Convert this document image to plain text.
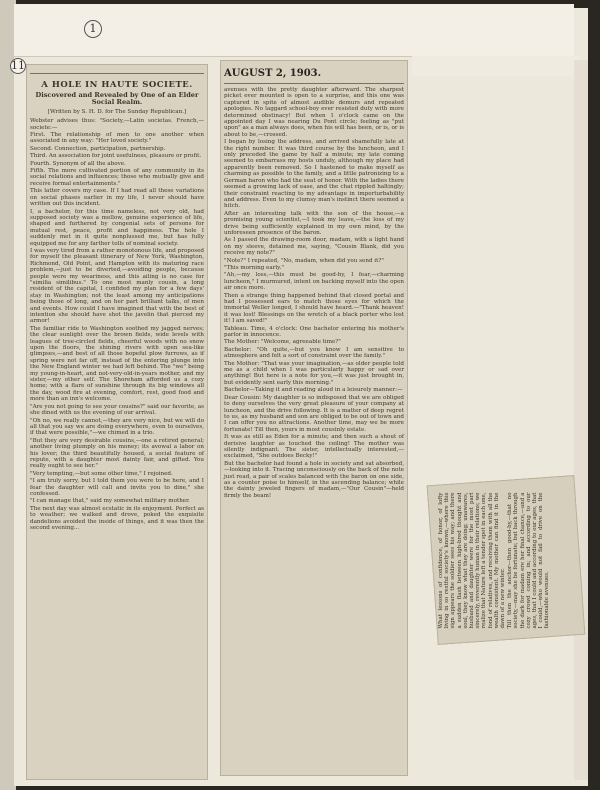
1
11
A HOLE IN HAUTE SOCIETE.
Discovered and Revealed by One of an Elder Social Realm.
[Written by S. H. D. for The Sunday Republican.]

Webster advises thus: "Society,—Latin societas. French,—societe:—

First. The relationship of men to one another when associated in any way: "Her loved society."

Second. Connection, participation, partnership.

Third. An association for joint usefulness, pleasure or profit.

Fourth. Synonym of all the above.

Fifth. The more cultivated portion of any community in its social relations and influences; those who mutually give and receive formal entertainments."

This latter covers my case. If I had read all these variations on social phases earlier in my life, I never should have written out this incident.

I, a bachelor, for this time nameless, not very old, had supposed society was a mellow, genuine experience of life, shaped and furthered by congenial sets of persons for mutual rest, peace, profit and happiness. The hole I suddenly met in it quite nonplussed me, but has fully equipped me for any farther tolls of nominal society.

I was very tired from a rather monotonous life, and proposed for myself the pleasant itinerary of New York, Washington, Richmond, Old Point, and Hampton with its maturing race problem,—just to be diverted,—avoiding people, because people were my weariness, and this ailing is no case for "similia similibus." To one most manly cousin, a long resident of the capital, I confided my plan for a few days' stay in Washington; not the least among my anticipations being those of long, and on her part brilliant talks, of men and events. How could I have imagined that with the best of intention she should have shot the javelin that pierced my armor!

The familiar ride to Washington soothed my jagged nerves; the clear sunlight over the brown fields, wide levels with leagues of tree-circled fields, cheerful woods with no snow upon the floors, the shining rivers with open sea-like glimpses,—and best of all those hopeful plow furrows, as if spring were not far off, instead of the entering plunge into the New England winter we had left behind. The "we" being my young-in-heart, and not-very-old-in-years mother, and my sister,—my other self. The Shoreham afforded us a cozy home; with a flare of sunshine through its big windows all the day, wood fire at evening, comfort, rest, good food and more than an inn's welcome.

"Are you not going to see your cousins?" said our favorite, as she dined with us the evening of our arrival.

"Oh no, we really cannot,—they are very nice, but we will do all that you say we are doing everywhere, even to ourselves, if that were possible,"—we chimed in a trio.

"But they are very desirable cousins,—one a retired general; another living plumply on his money; its avowal a labor on his lover; the third beautifully housed, a social feature of repute, with a daughter most dainty fair, and gifted. You really ought to see her."

"Very tempting,—but some other time," I rejoined.

"I am truly sorry, but I told them you were to be here, and I fear the daughter will call and invite you to dine," she confessed.

"I can manage that," said my somewhat military mother.

The next day was almost ecstatic in its enjoyment. Perfect as to weather; we walked and drove, poked the exquisite dandelions avoided the inside of things, and it was then the second evening...

AUGUST 2, 1903.

avenues with the pretty daughter afterward. The sharpest picket ever mounted is open to a surprise, and this one was captured in spite of almost audible demurs and repeated apologies. No laggard school-boy ever resisted duty with more determined obstinacy! But when 1 o'clock came on the appointed day I was nearing Du Pont circle; feeling as "put upon" as a man always does, when his will has been, or is, or is about to be,—crossed.

I began by losing the address, and arrived shamefully late at the right number. It was third course by the luncheon, and I only preceded the game by half a minute; my late coming seemed to embarrass my hosts unduly, although my place had apparently been removed. So I hastened to make myself as charming as possible to the family, and a little patronizing to a German baron who had the seat of honor. With the ladies there seemed a growing lack of ease, and the chat rippled haltingly; their constraint reacting to my advantage in imperturbability and address. Even to my clumsy man's instinct there seemed a hitch.

After an interesting talk with the son of the house,—a promising young scientist,—I took my leave,—the loss of my drive being sufficiently explained in my own mind, by the unforeseen presence of the baron.

As I passed the drawing-room door, madam, with a light hand on my sleeve, detained me, saying, "Cousin Blank, did you receive my note?"

"Note?" I repeated, "No, madam, when did you send it?"

"This morning early."

"Ah,—my loss,—this must be good-by, I fear,—charming luncheon," I murmured, intent on backing myself into the open air once more.

Then a strange thing happened behind that closed portal and had I possessed ears to match those eyes for which the immortal Weller longed, I should have heard.—"Thank heaven! it was lost! Blessings on the wretch of a black porter who lost it! I am saved!"

Tableau. Time, 4 o'clock: One bachelor entering his mother's parlor in innocence.

The Mother: "Welcome, agreeable time?"

Bachelor: "Oh quite,—but you know I am sensitive to atmosphere and felt a sort of constraint over the family."

The Mother: "That was your imagination,—as older people told me as a child when I was particularly happy or sad over anything! But here is a note for you,—it was just brought in, but evidently sent early this morning."

Bachelor—Taking it and reading aloud in a leisurely manner:—

Dear Cousin: My daughter is so indisposed that we are obliged to deny ourselves the very great pleasure of your company at luncheon, and the drive following. It is a matter of deep regret to us, as my husband and son are obliged to be out of town and I can offer you no attractions. Another time, may we be more fortunate! Till then, yours in most cousinly estate.

It was as still as Eden for a minute; and then such a shout of derisive laughter as touched the ceiling! The mother was silently indignant. The sister, intellectually interested,—exclaimed, "She outdoes Becky!"

But the bachelor had found a hole in society and sat absorbed,—looking into it. Tracing unconsciously on the back of the note just read, a pair of scales balanced with the baron on one side, as a counter poise to himself, in the ascending balance; while the dainty jeweled fingers of madam,—"Our Cousin"—held firmly the beam!	What lessons of confidence, of honor, of lofty living in so restful society's known,—where this sign appears the soldier sees his way; and there a sudden flash between high-bred thought and soul, they know what they are doing; unawares, husband and daughter were for the most part sincerely, reverently human in their relations; we realize that Nature left a tender spot in each one, fond of relatives, and receiving them with all the wealth consistent. My mother can find it in the dawn of a new winter. Till then the anchor—then good-by,—that no society,—may she be fortunate; but back through the dark for madam ere her final chance,—and a cozy crowd coming in; and according to our ages, that I could and according to our ages, that I could,—who would not fail to drive on the fashionable avenues.
